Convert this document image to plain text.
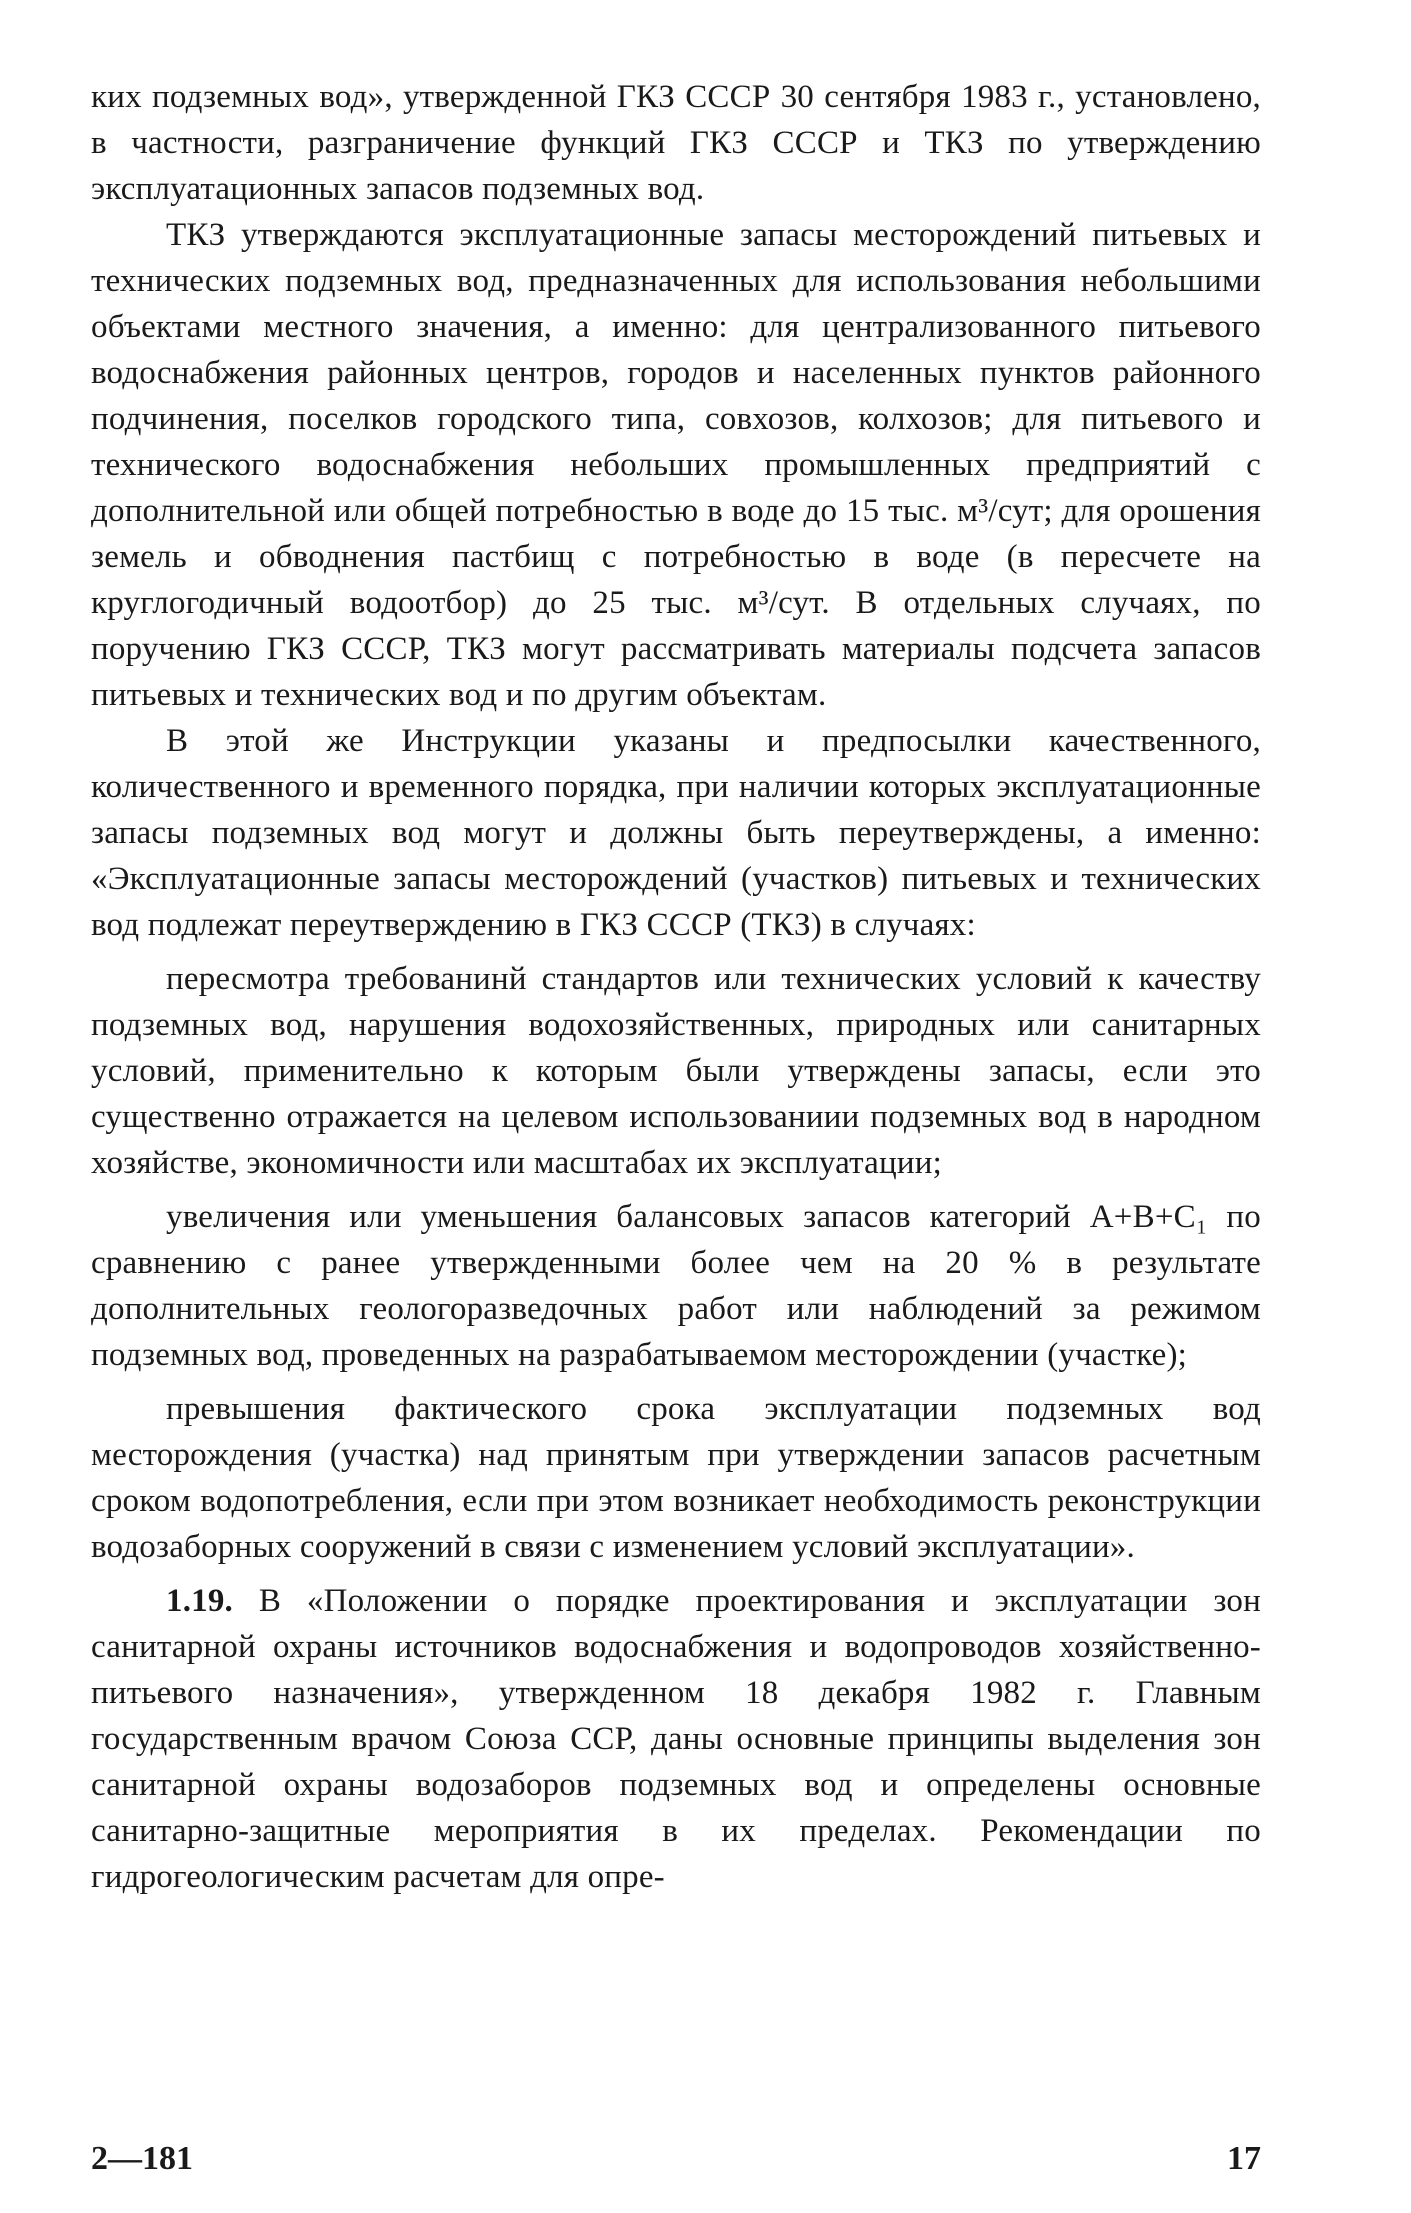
ких подземных вод», утвержденной ГКЗ СССР 30 сентября 1983 г., установлено, в частности, разграничение функций ГКЗ СССР и ТКЗ по утверждению эксплуатационных запасов подземных вод.

ТКЗ утверждаются эксплуатационные запасы месторождений питьевых и технических подземных вод, предназначенных для использования небольшими объектами местного значения, а именно: для централизованного питьевого водоснабжения районных центров, городов и населенных пунктов районного подчинения, поселков городского типа, совхозов, колхозов; для питьевого и технического водоснабжения небольших промышленных предприятий с дополнительной или общей потребностью в воде до 15 тыс. м³/сут; для орошения земель и обводнения пастбищ с потребностью в воде (в пересчете на круглогодичный водоотбор) до 25 тыс. м³/сут. В отдельных случаях, по поручению ГКЗ СССР, ТКЗ могут рассматривать материалы подсчета запасов питьевых и технических вод и по другим объектам.

В этой же Инструкции указаны и предпосылки качественного, количественного и временного порядка, при наличии которых эксплуатационные запасы подземных вод могут и должны быть переутверждены, а именно: «Эксплуатационные запасы месторождений (участков) питьевых и технических вод подлежат переутверждению в ГКЗ СССР (ТКЗ) в случаях:

пересмотра требованинй стандартов или технических условий к качеству подземных вод, нарушения водохозяйственных, природных или санитарных условий, применительно к которым были утверждены запасы, если это существенно отражается на целевом использованиии подземных вод в народном хозяйстве, экономичности или масштабах их эксплуатации;

увеличения или уменьшения балансовых запасов категорий A+B+C₁ по сравнению с ранее утвержденными более чем на 20 % в результате дополнительных геологоразведочных работ или наблюдений за режимом подземных вод, проведенных на разрабатываемом месторождении (участке);

превышения фактического срока эксплуатации подземных вод месторождения (участка) над принятым при утверждении запасов расчетным сроком водопотребления, если при этом возникает необходимость реконструкции водозаборных сооружений в связи с изменением условий эксплуатации».

1.19. В «Положении о порядке проектирования и эксплуатации зон санитарной охраны источников водоснабжения и водопроводов хозяйственно-питьевого назначения», утвержденном 18 декабря 1982 г. Главным государственным врачом Союза ССР, даны основные принципы выделения зон санитарной охраны водозаборов подземных вод и определены основные санитарно-защитные мероприятия в их пределах. Рекомендации по гидрогеологическим расчетам для опре-

2—181	17
